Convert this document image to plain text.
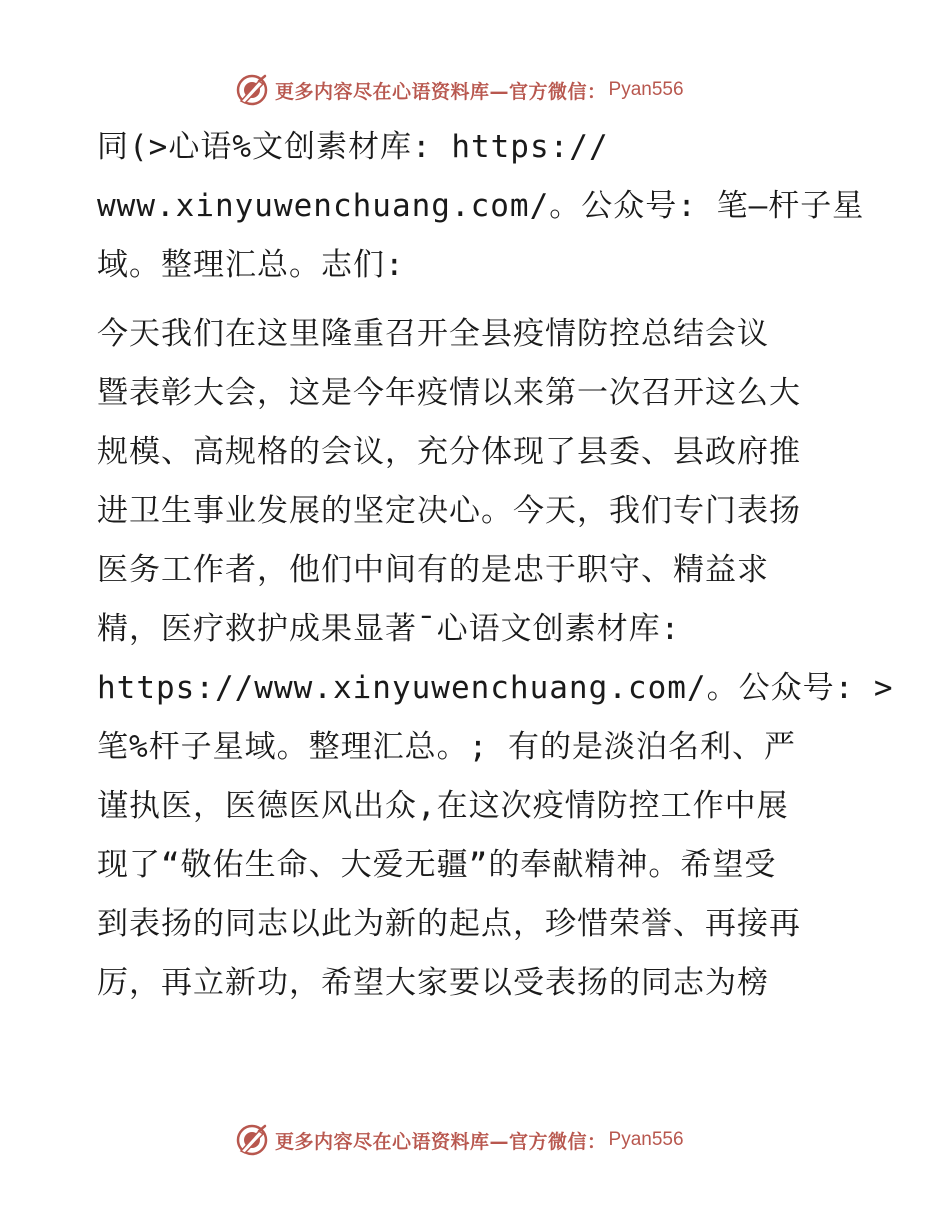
更多内容尽在心语资料库—官方微信： Pyan556
同(>心语%文创素材库: https://
www.xinyuwenchuang.com/。公众号: 笔—杆子星
域。整理汇总。志们:
今天我们在这里隆重召开全县疫情防控总结会议
暨表彰大会，这是今年疫情以来第一次召开这么大
规模、高规格的会议，充分体现了县委、县政府推
进卫生事业发展的坚定决心。今天，我们专门表扬
医务工作者，他们中间有的是忠于职守、精益求
精，医疗救护成果显著¯心语文创素材库:
https://www.xinyuwenchuang.com/。公众号: >
笔%杆子星域。整理汇总。; 有的是淡泊名利、严
谨执医，医德医风出众,在这次疫情防控工作中展
现了“敬佑生命、大爱无疆”的奉献精神。希望受
到表扬的同志以此为新的起点，珍惜荣誉、再接再
厉，再立新功，希望大家要以受表扬的同志为榜
更多内容尽在心语资料库—官方微信： Pyan556
